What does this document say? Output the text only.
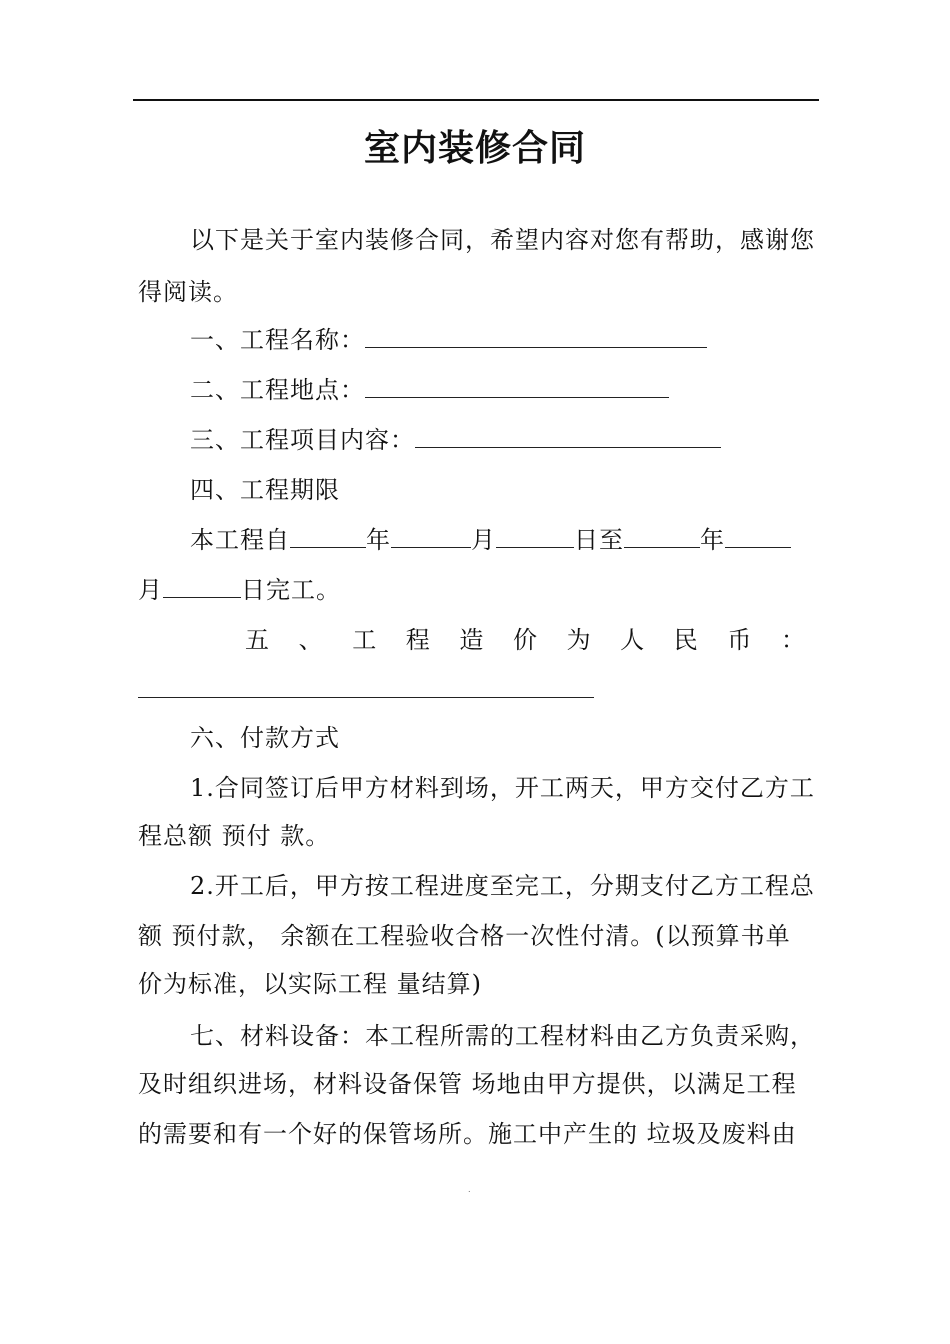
室内装修合同
以下是关于室内装修合同，希望内容对您有帮助，感谢您
得阅读。
一、工程名称：
二、工程地点：
三、工程项目内容：
四、工程期限
本工程自	年	月	日至	年
月	日完工。
五 、 工 程 造 价 为 人 民 币 ：
六、付款方式
1.合同签订后甲方材料到场，开工两天，甲方交付乙方工
程总额 预付 款。
2.开工后，甲方按工程进度至完工，分期支付乙方工程总
额 预付款， 余额在工程验收合格一次性付清。(以预算书单
价为标准，以实际工程 量结算)
七、材料设备：本工程所需的工程材料由乙方负责采购，
及时组织进场，材料设备保管 场地由甲方提供，以满足工程
的需要和有一个好的保管场所。施工中产生的 垃圾及废料由
.
